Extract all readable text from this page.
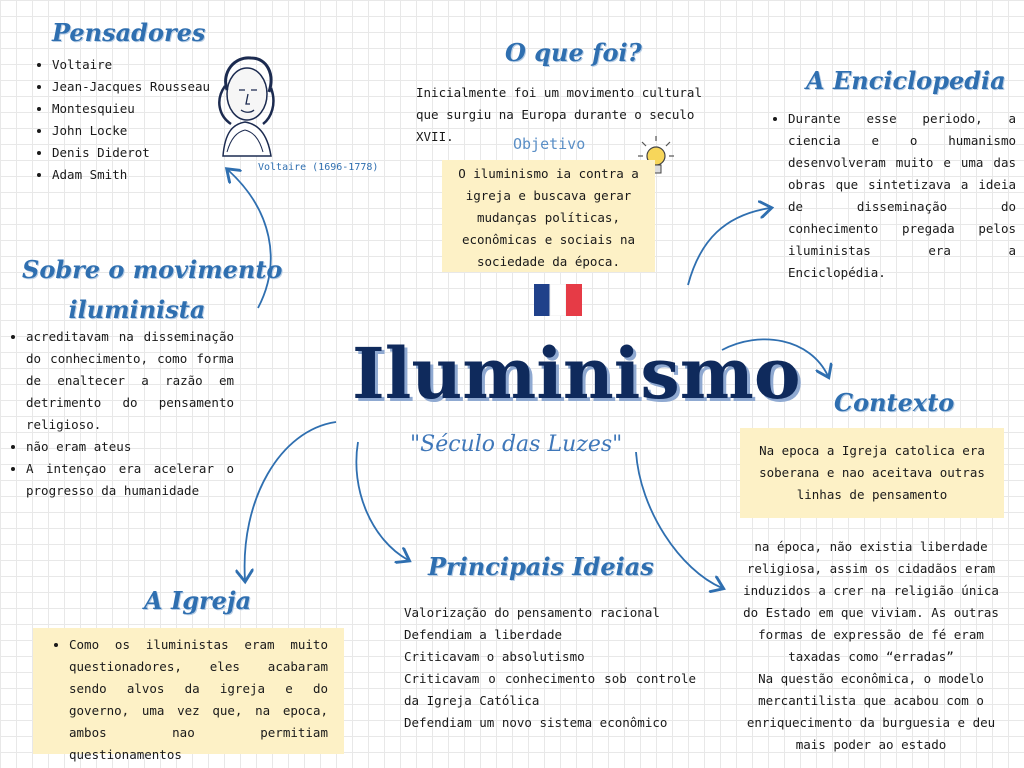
Pensadores
• Voltaire
• Jean-Jacques Rousseau
• Montesquieu
• John Locke
• Denis Diderot
• Adam Smith	Voltaire (1696-1778)
O que foi?
Inicialmente foi um movimento cultural que surgiu na Europa durante o seculo XVII.	Objetivo
O iluminismo ia contra a igreja e buscava gerar mudanças políticas, econômicas e sociais na sociedade da época.
A Enciclopedia
• Durante esse periodo, a ciencia e o humanismo desenvolveram muito e uma das obras que sintetizava a ideia de disseminação do conhecimento pregada pelos iluministas era a Enciclopédia.
Sobre o movimento
iluminista
• acreditavam na disseminação do conhecimento, como forma de enaltecer a razão em detrimento do pensamento religioso.
• não eram ateus
• A intençao era acelerar o progresso da humanidade
Iluminismo
"Século das Luzes"
Contexto
Na epoca a Igreja catolica era soberana e nao aceitava outras linhas de pensamento
na época, não existia liberdade religiosa, assim os cidadãos eram induzidos a crer na religião única do Estado em que viviam. As outras formas de expressão de fé eram taxadas como “erradas”
Na questão econômica, o modelo mercantilista que acabou com o enriquecimento da burguesia e deu mais poder ao estado
A Igreja
• Como os iluministas eram muito questionadores, eles acabaram sendo alvos da igreja e do governo, uma vez que, na epoca, ambos nao permitiam questionamentos
Principais Ideias
Valorização do pensamento racional
Defendiam a liberdade
Criticavam o absolutismo
Criticavam o conhecimento sob controle da Igreja Católica
Defendiam um novo sistema econômico
